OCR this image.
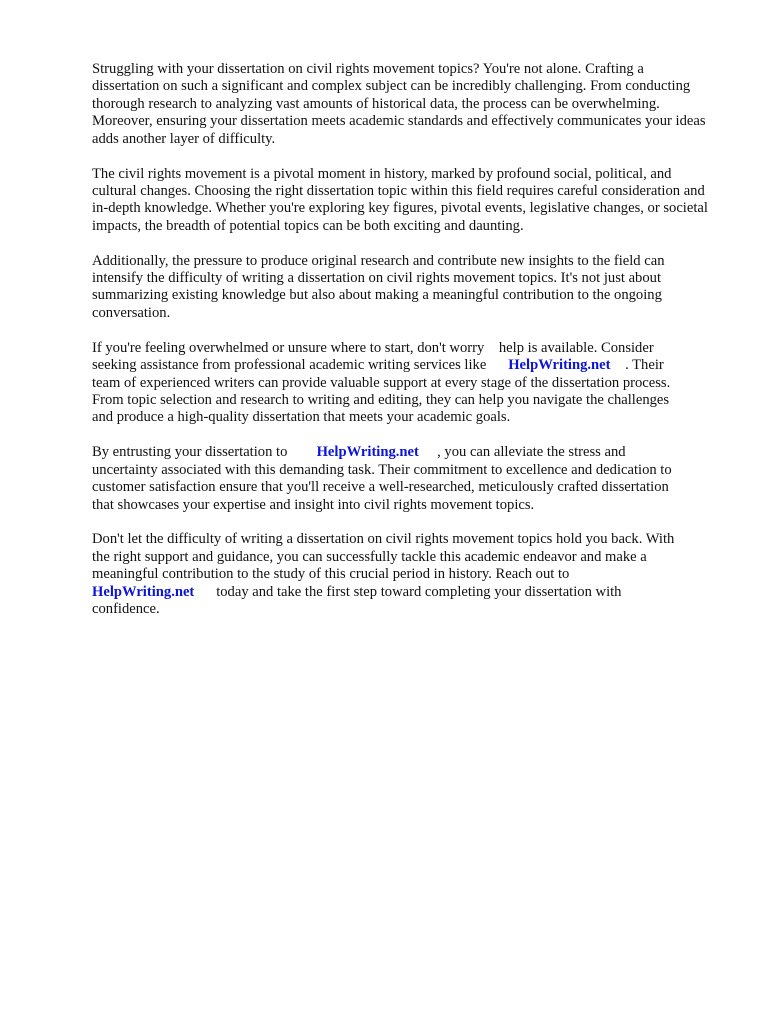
Struggling with your dissertation on civil rights movement topics? You're not alone. Crafting a dissertation on such a significant and complex subject can be incredibly challenging. From conducting thorough research to analyzing vast amounts of historical data, the process can be overwhelming. Moreover, ensuring your dissertation meets academic standards and effectively communicates your ideas adds another layer of difficulty.

The civil rights movement is a pivotal moment in history, marked by profound social, political, and cultural changes. Choosing the right dissertation topic within this field requires careful consideration and in-depth knowledge. Whether you're exploring key figures, pivotal events, legislative changes, or societal impacts, the breadth of potential topics can be both exciting and daunting.

Additionally, the pressure to produce original research and contribute new insights to the field can intensify the difficulty of writing a dissertation on civil rights movement topics. It's not just about summarizing existing knowledge but also about making a meaningful contribution to the ongoing conversation.

If you're feeling overwhelmed or unsure where to start, don't worry    help is available. Consider
seeking assistance from professional academic writing services like      HelpWriting.net    . Their
team of experienced writers can provide valuable support at every stage of the dissertation process.
From topic selection and research to writing and editing, they can help you navigate the challenges
and produce a high-quality dissertation that meets your academic goals.

By entrusting your dissertation to        HelpWriting.net     , you can alleviate the stress and
uncertainty associated with this demanding task. Their commitment to excellence and dedication to
customer satisfaction ensure that you'll receive a well-researched, meticulously crafted dissertation
that showcases your expertise and insight into civil rights movement topics.

Don't let the difficulty of writing a dissertation on civil rights movement topics hold you back. With
the right support and guidance, you can successfully tackle this academic endeavor and make a
meaningful contribution to the study of this crucial period in history. Reach out to
HelpWriting.net      today and take the first step toward completing your dissertation with
confidence.
